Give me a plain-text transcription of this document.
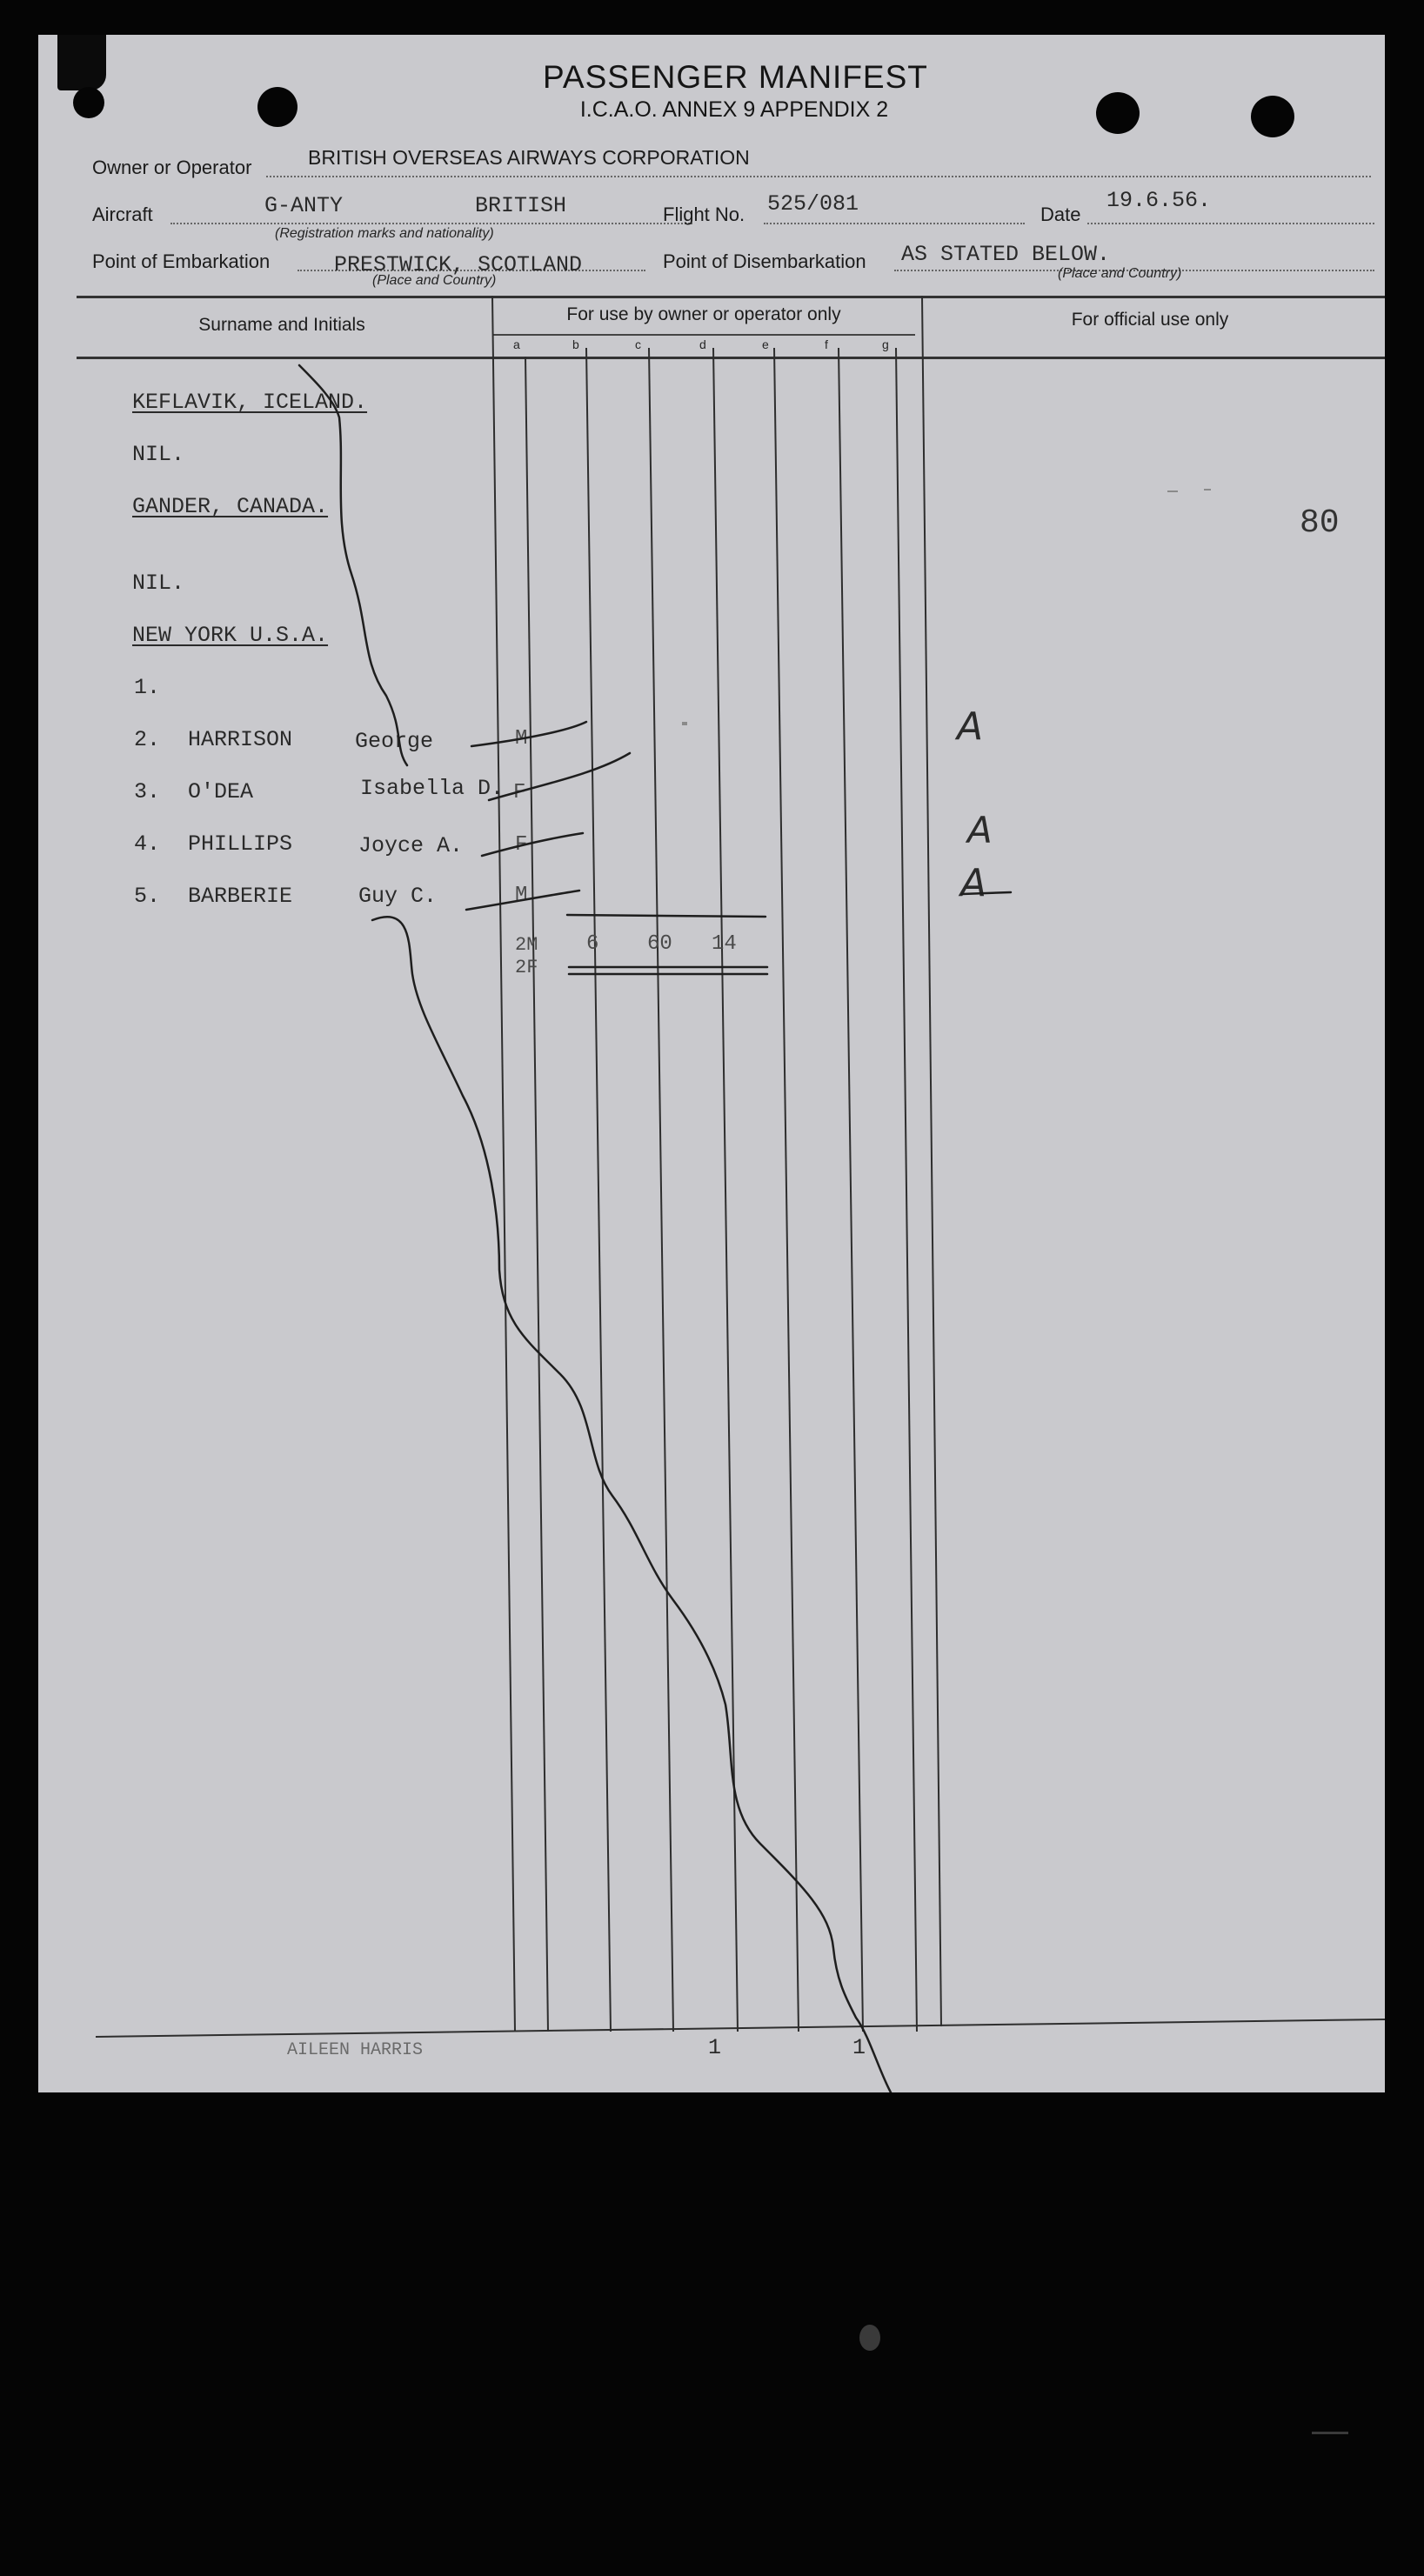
PASSENGER MANIFEST
I.C.A.O. ANNEX 9 APPENDIX 2
Owner or Operator	BRITISH OVERSEAS AIRWAYS CORPORATION
Aircraft	G-ANTY	BRITISH
(Registration marks and nationality)
Flight No. 525/081	Date
19.6.56.
Point of Embarkation	PRESTWICK, SCOTLAND
(Place and Country)
Point of Disembarkation AS STATED BELOW.
(Place and Country)
Surname and Initials
For use by owner or operator only	For official use only
a	b	c	d	e	f	g
KEFLAVIK, ICELAND.
NIL.
GANDER, CANADA.
NIL.
NEW YORK U.S.A.
1.
2. HARRISON	George	M	A
3. O'DEA	Isabella D. F
4. PHILLIPS	Joyce A. F	A
5. BARBERIE	Guy C.	M	A
2M
2F
6 60 14
80
AILEEN HARRIS	1	1
